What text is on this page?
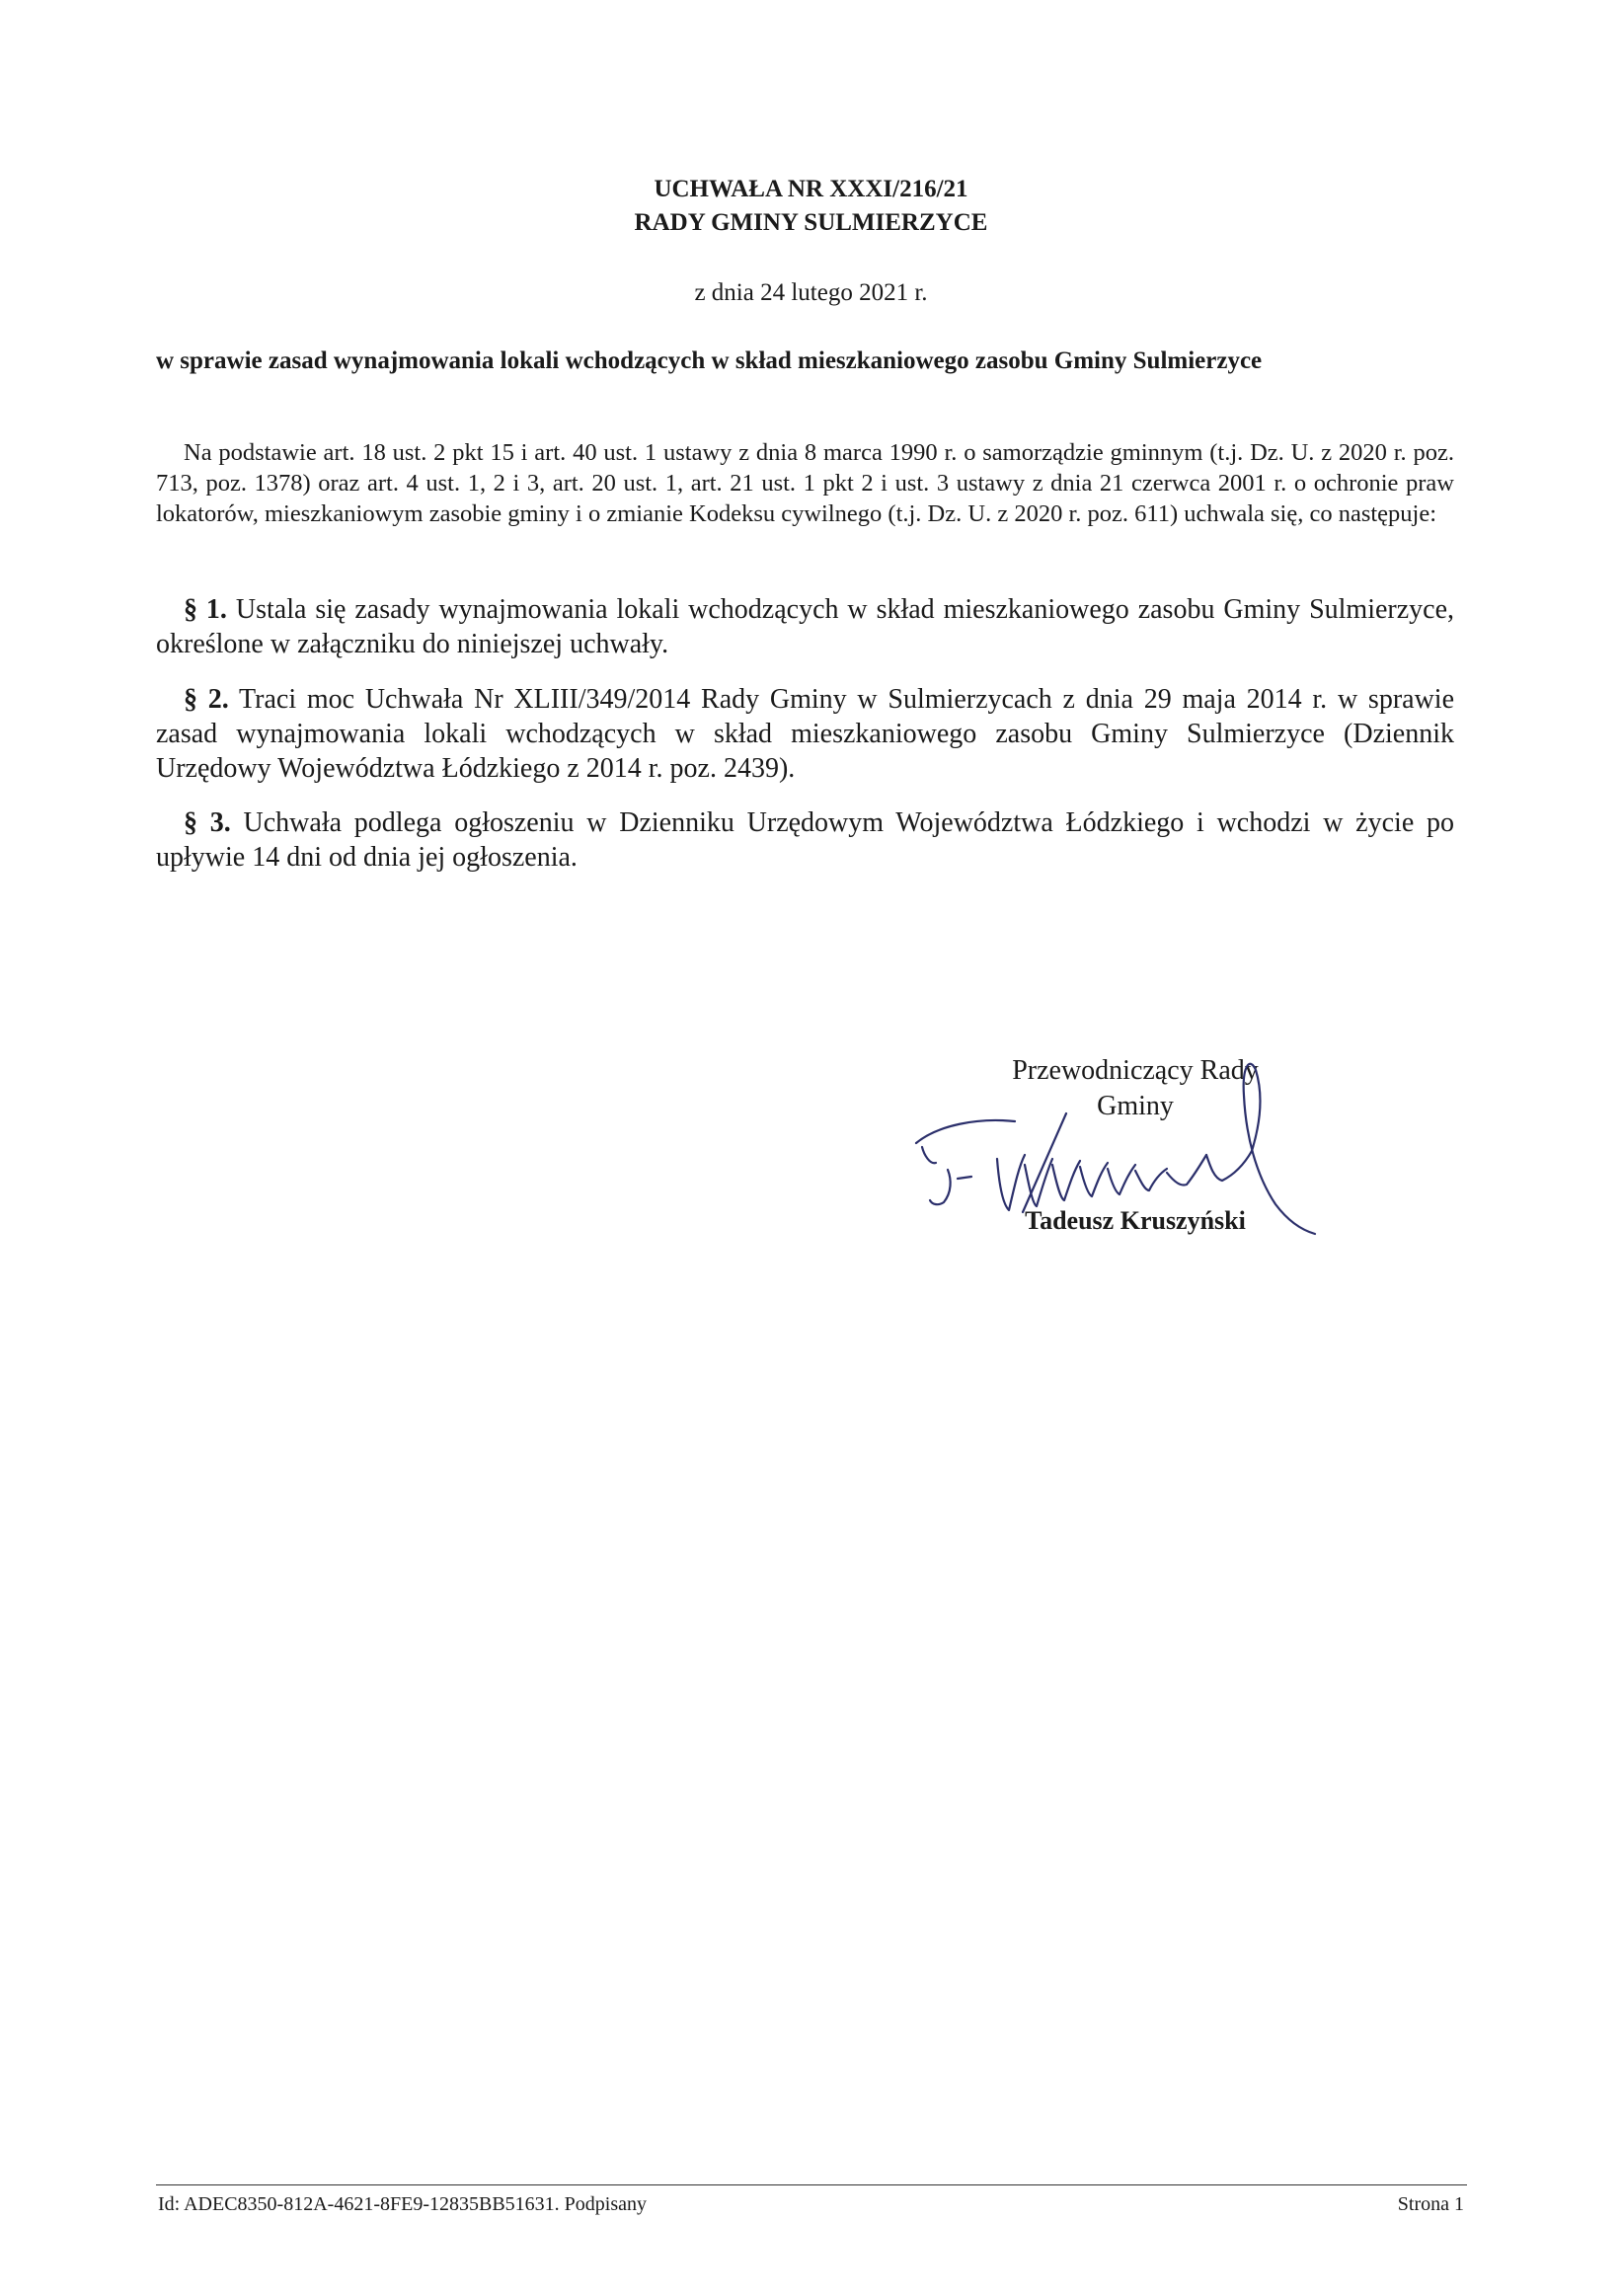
UCHWAŁA NR XXXI/216/21
RADY GMINY SULMIERZYCE
z dnia 24 lutego 2021 r.
w sprawie zasad wynajmowania lokali wchodzących w skład mieszkaniowego zasobu Gminy Sulmierzyce
Na podstawie art. 18 ust. 2 pkt 15 i art. 40 ust. 1 ustawy z dnia 8 marca 1990 r. o samorządzie gminnym (t.j. Dz. U. z 2020 r. poz. 713, poz. 1378) oraz art. 4 ust. 1, 2 i 3, art. 20 ust. 1, art. 21 ust. 1 pkt 2 i ust. 3 ustawy z dnia 21 czerwca 2001 r. o ochronie praw lokatorów, mieszkaniowym zasobie gminy i o zmianie Kodeksu cywilnego (t.j. Dz. U. z 2020 r. poz. 611) uchwala się, co następuje:
§ 1. Ustala się zasady wynajmowania lokali wchodzących w skład mieszkaniowego zasobu Gminy Sulmierzyce, określone w załączniku do niniejszej uchwały.
§ 2. Traci moc Uchwała Nr XLIII/349/2014 Rady Gminy w Sulmierzycach z dnia 29 maja 2014 r. w sprawie zasad wynajmowania lokali wchodzących w skład mieszkaniowego zasobu Gminy Sulmierzyce (Dziennik Urzędowy Województwa Łódzkiego z 2014 r. poz. 2439).
§ 3. Uchwała podlega ogłoszeniu w Dzienniku Urzędowym Województwa Łódzkiego i wchodzi w życie po upływie 14 dni od dnia jej ogłoszenia.
Przewodniczący Rady
Gminy
Tadeusz Kruszyński
Id: ADEC8350-812A-4621-8FE9-12835BB51631. Podpisany	Strona 1
